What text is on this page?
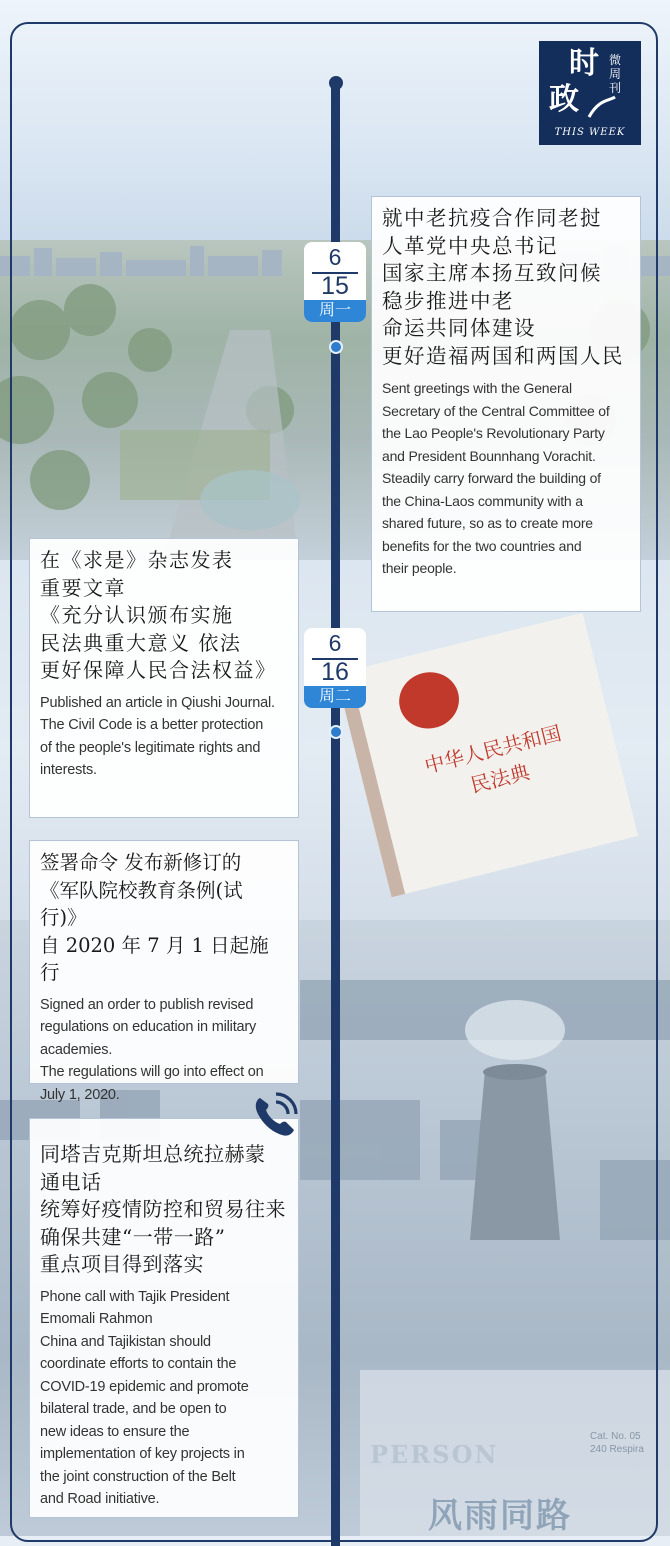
中华人民共和国
民法典
PERSON
Cat. No. 05
240 Respira
风雨同路
时
政
微周刊
THIS WEEK
6
15
周一
6
16
周二
就中老抗疫合作同老挝
人革党中央总书记
国家主席本扬互致问候
稳步推进中老
命运共同体建设
更好造福两国和两国人民
Sent greetings with the General
Secretary of the Central Committee of
the Lao People's Revolutionary Party
and President Bounnhang Vorachit.
Steadily carry forward the building of
the China-Laos community with a
shared future, so as to create more
benefits for the two countries and
their people.
在《求是》杂志发表
重要文章
《充分认识颁布实施
民法典重大意义 依法
更好保障人民合法权益》
Published an article in Qiushi Journal.
The Civil Code is a better protection
of the people's legitimate rights and
interests.
签署命令 发布新修订的
《军队院校教育条例(试行)》
自 2020 年 7 月 1 日起施行
Signed an order to publish revised
regulations on education in military
academies.
The regulations will go into effect on
July 1, 2020.
同塔吉克斯坦总统拉赫蒙
通电话
统筹好疫情防控和贸易往来
确保共建“一带一路”
重点项目得到落实
Phone call with Tajik President
Emomali Rahmon
China and Tajikistan should
coordinate efforts to contain the
COVID-19 epidemic and promote
bilateral trade, and be open to
new ideas to ensure the
implementation of key projects in
the joint construction of the Belt
and Road initiative.
